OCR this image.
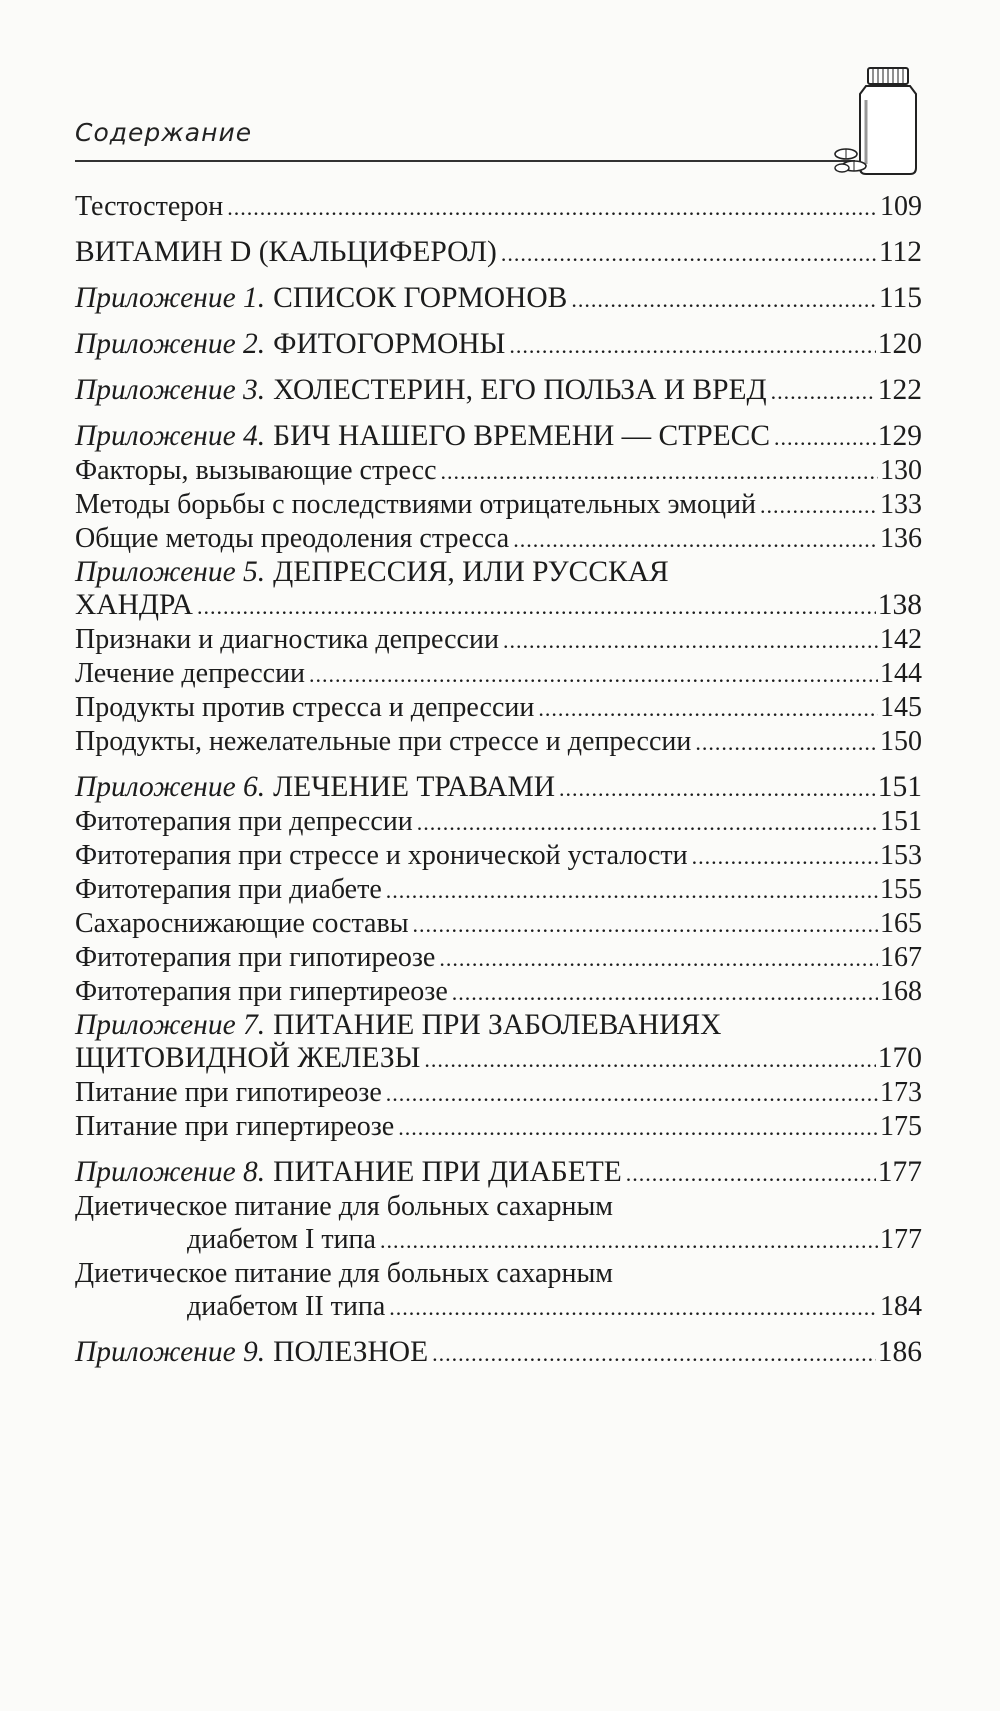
Содержание
Тестостерон .....	109
ВИТАМИН D (КАЛЬЦИФЕРОЛ) .....	112
Приложение 1. СПИСОК ГОРМОНОВ .....	115
Приложение 2. ФИТОГОРМОНЫ .....	120
Приложение 3. ХОЛЕСТЕРИН, ЕГО ПОЛЬЗА И ВРЕД .....	122
Приложение 4. БИЧ НАШЕГО ВРЕМЕНИ — СТРЕСС .....	129
Факторы, вызывающие стресс .....	130
Методы борьбы с последствиями отрицательных эмоций .....	133
Общие методы преодоления стресса .....	136
Приложение 5. ДЕПРЕССИЯ, ИЛИ РУССКАЯ
ХАНДРА .....	138
Признаки и диагностика депрессии .....	142
Лечение депрессии .....	144
Продукты против стресса и депрессии .....	145
Продукты, нежелательные при стрессе и депрессии .....	150
Приложение 6. ЛЕЧЕНИЕ ТРАВАМИ .....	151
Фитотерапия при депрессии .....	151
Фитотерапия при стрессе и хронической усталости .....	153
Фитотерапия при диабете .....	155
Сахароснижающие составы .....	165
Фитотерапия при гипотиреозе .....	167
Фитотерапия при гипертиреозе .....	168
Приложение 7. ПИТАНИЕ ПРИ ЗАБОЛЕВАНИЯХ
ЩИТОВИДНОЙ ЖЕЛЕЗЫ .....	170
Питание при гипотиреозе .....	173
Питание при гипертиреозе .....	175
Приложение 8. ПИТАНИЕ ПРИ ДИАБЕТЕ .....	177
Диетическое питание для больных сахарным
диабетом I типа .....	177
Диетическое питание для больных сахарным
диабетом II типа .....	184
Приложение 9. ПОЛЕЗНОЕ .....	186
